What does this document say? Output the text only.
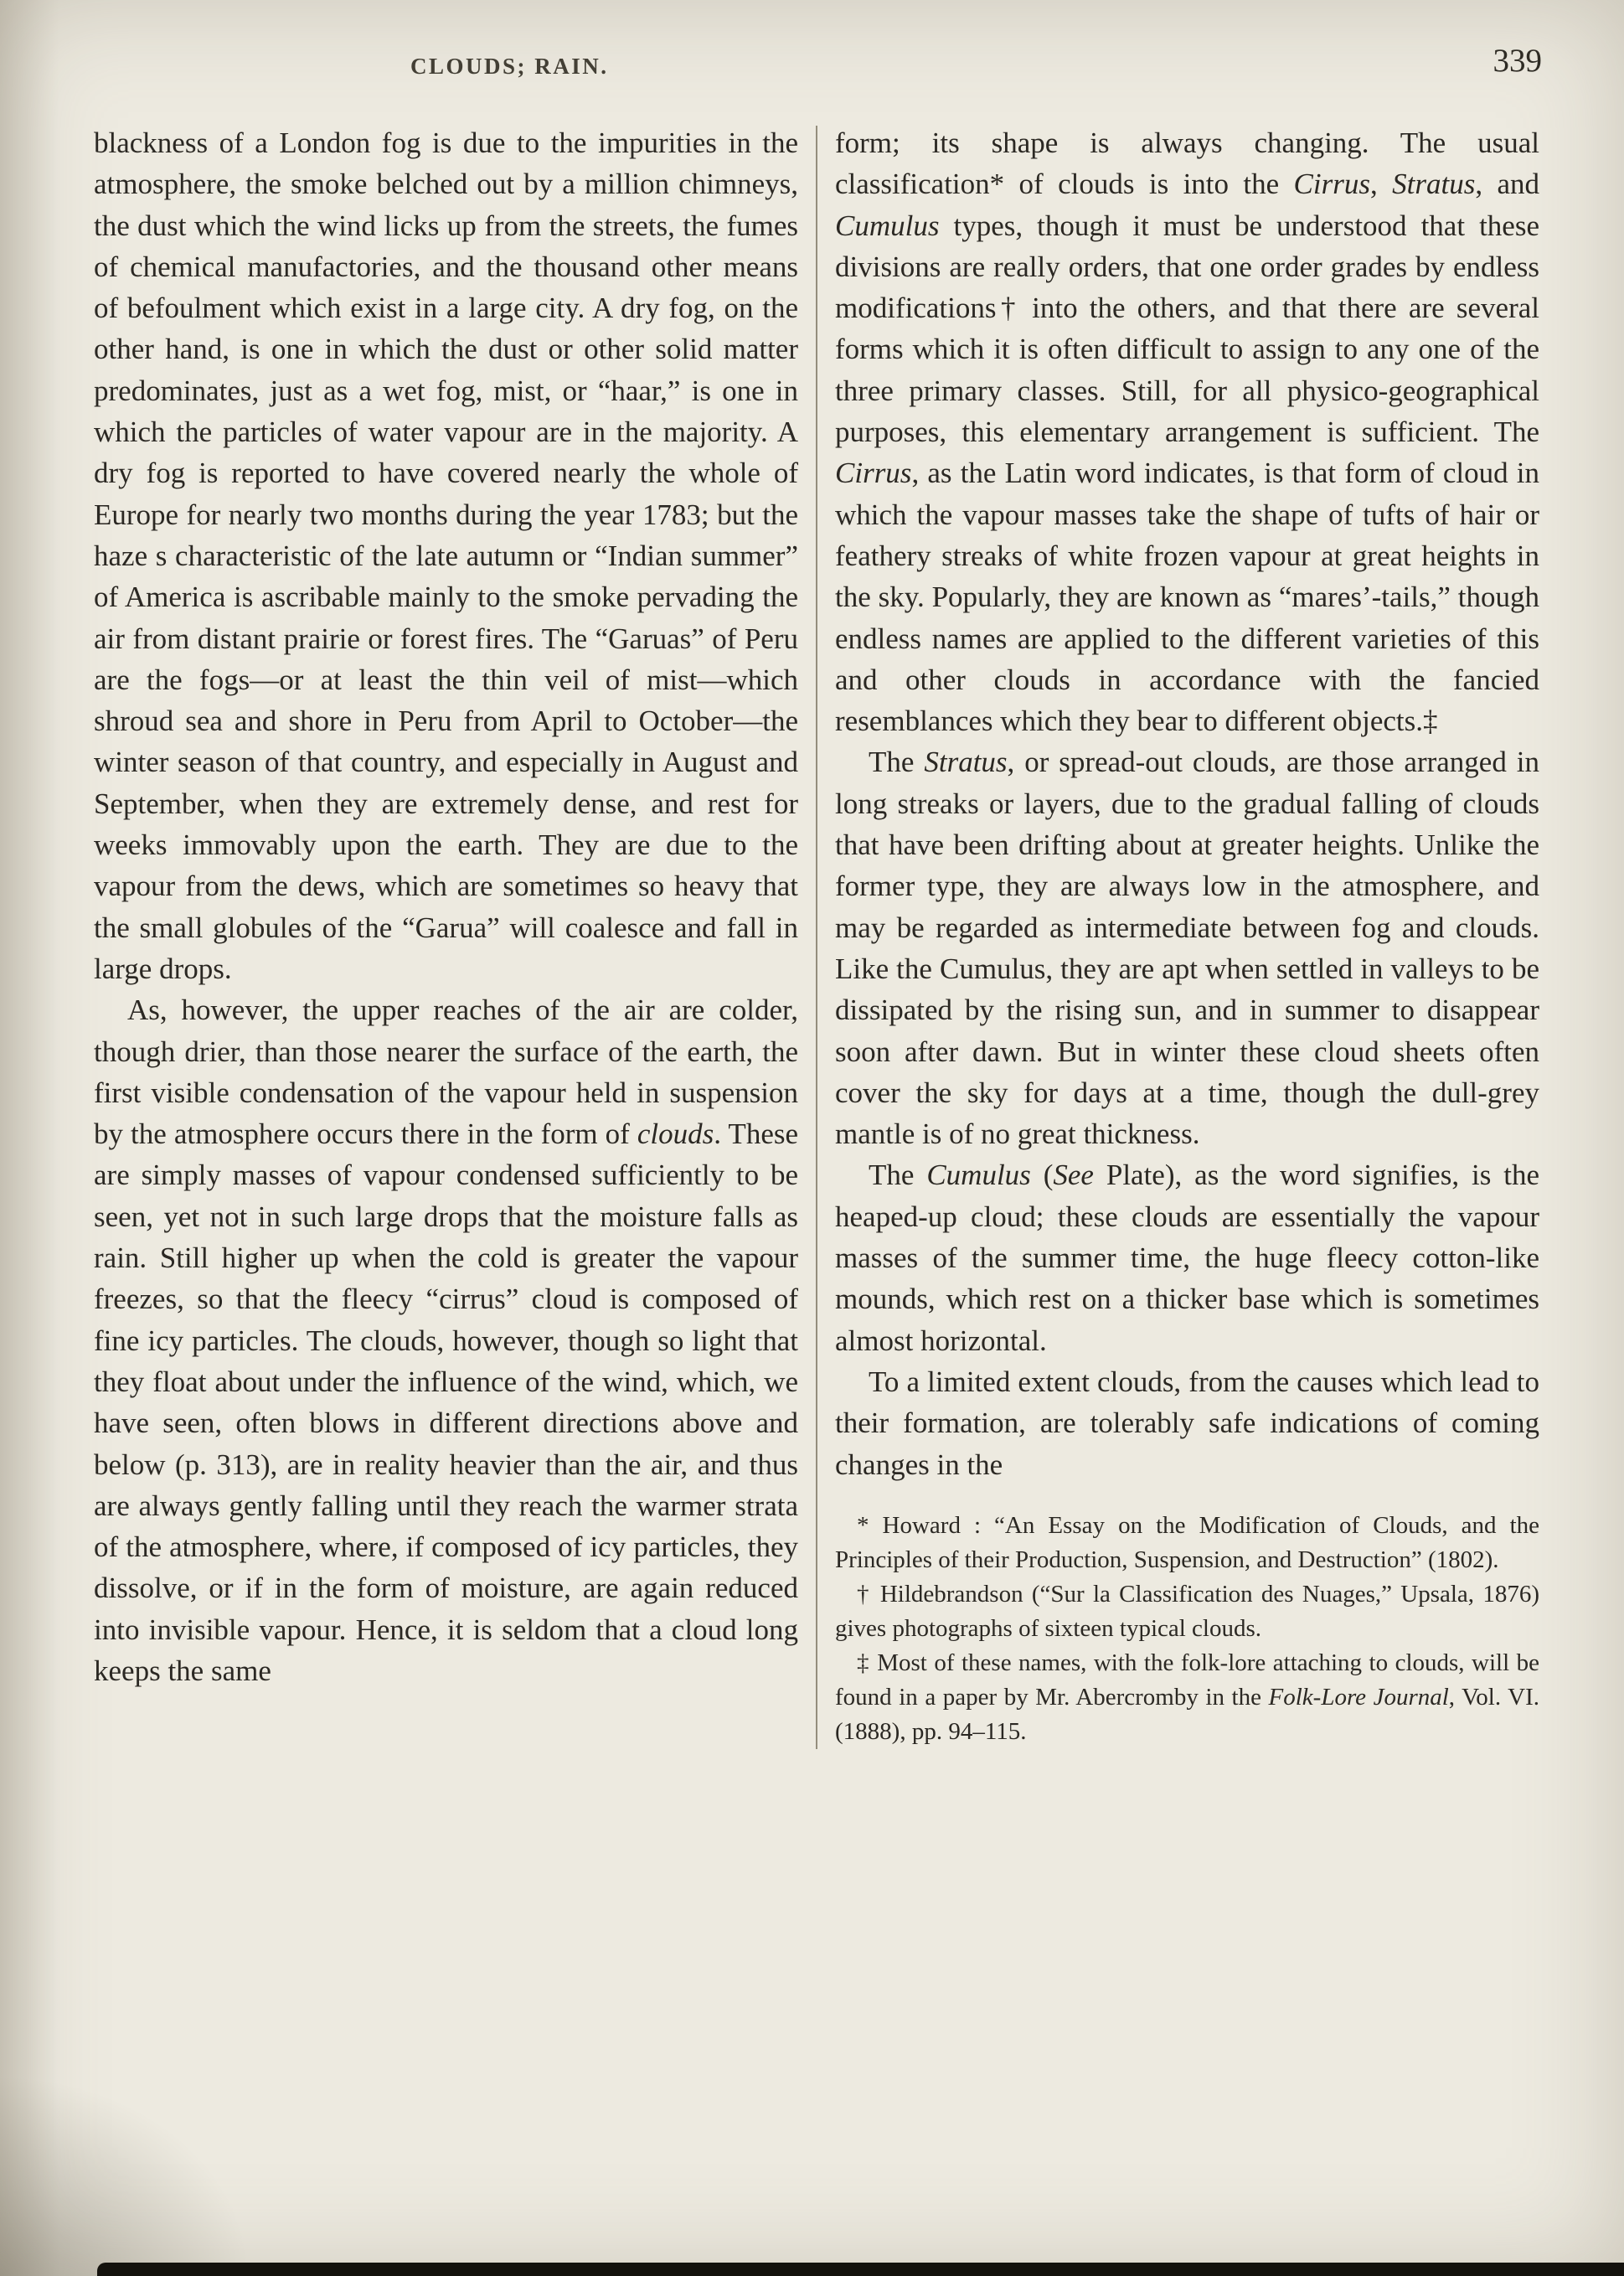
CLOUDS; RAIN.	339

blackness of a London fog is due to the impurities in the atmosphere, the smoke belched out by a million chimneys, the dust which the wind licks up from the streets, the fumes of chemical manufactories, and the thousand other means of befoulment which exist in a large city. A dry fog, on the other hand, is one in which the dust or other solid matter predominates, just as a wet fog, mist, or “haar,” is one in which the particles of water vapour are in the majority. A dry fog is reported to have covered nearly the whole of Europe for nearly two months during the year 1783; but the haze s characteristic of the late autumn or “Indian summer” of America is ascribable mainly to the smoke pervading the air from distant prairie or forest fires. The “Garuas” of Peru are the fogs—or at least the thin veil of mist—which shroud sea and shore in Peru from April to October—the winter season of that country, and especially in August and September, when they are extremely dense, and rest for weeks immovably upon the earth. They are due to the vapour from the dews, which are sometimes so heavy that the small globules of the “Garua” will coalesce and fall in large drops.

As, however, the upper reaches of the air are colder, though drier, than those nearer the surface of the earth, the first visible condensation of the vapour held in suspension by the atmosphere occurs there in the form of clouds. These are simply masses of vapour condensed sufficiently to be seen, yet not in such large drops that the moisture falls as rain. Still higher up when the cold is greater the vapour freezes, so that the fleecy “cirrus” cloud is composed of fine icy particles. The clouds, however, though so light that they float about under the influence of the wind, which, we have seen, often blows in different directions above and below (p. 313), are in reality heavier than the air, and thus are always gently falling until they reach the warmer strata of the atmosphere, where, if composed of icy particles, they dissolve, or if in the form of moisture, are again reduced into invisible vapour. Hence, it is seldom that a cloud long keeps the same

form; its shape is always changing. The usual classification* of clouds is into the Cirrus, Stratus, and Cumulus types, though it must be understood that these divisions are really orders, that one order grades by endless modifications† into the others, and that there are several forms which it is often difficult to assign to any one of the three primary classes. Still, for all physico-geographical purposes, this elementary arrangement is sufficient. The Cirrus, as the Latin word indicates, is that form of cloud in which the vapour masses take the shape of tufts of hair or feathery streaks of white frozen vapour at great heights in the sky. Popularly, they are known as “mares’-tails,” though endless names are applied to the different varieties of this and other clouds in accordance with the fancied resemblances which they bear to different objects.‡

The Stratus, or spread-out clouds, are those arranged in long streaks or layers, due to the gradual falling of clouds that have been drifting about at greater heights. Unlike the former type, they are always low in the atmosphere, and may be regarded as intermediate between fog and clouds. Like the Cumulus, they are apt when settled in valleys to be dissipated by the rising sun, and in summer to disappear soon after dawn. But in winter these cloud sheets often cover the sky for days at a time, though the dull-grey mantle is of no great thickness.

The Cumulus (See Plate), as the word signifies, is the heaped-up cloud; these clouds are essentially the vapour masses of the summer time, the huge fleecy cotton-like mounds, which rest on a thicker base which is sometimes almost horizontal.

To a limited extent clouds, from the causes which lead to their formation, are tolerably safe indications of coming changes in the

* Howard : “An Essay on the Modification of Clouds, and the Principles of their Production, Suspension, and Destruction” (1802).

† Hildebrandson (“Sur la Classification des Nuages,” Upsala, 1876) gives photographs of sixteen typical clouds.

‡ Most of these names, with the folk-lore attaching to clouds, will be found in a paper by Mr. Abercromby in the Folk-Lore Journal, Vol. VI. (1888), pp. 94–115.
